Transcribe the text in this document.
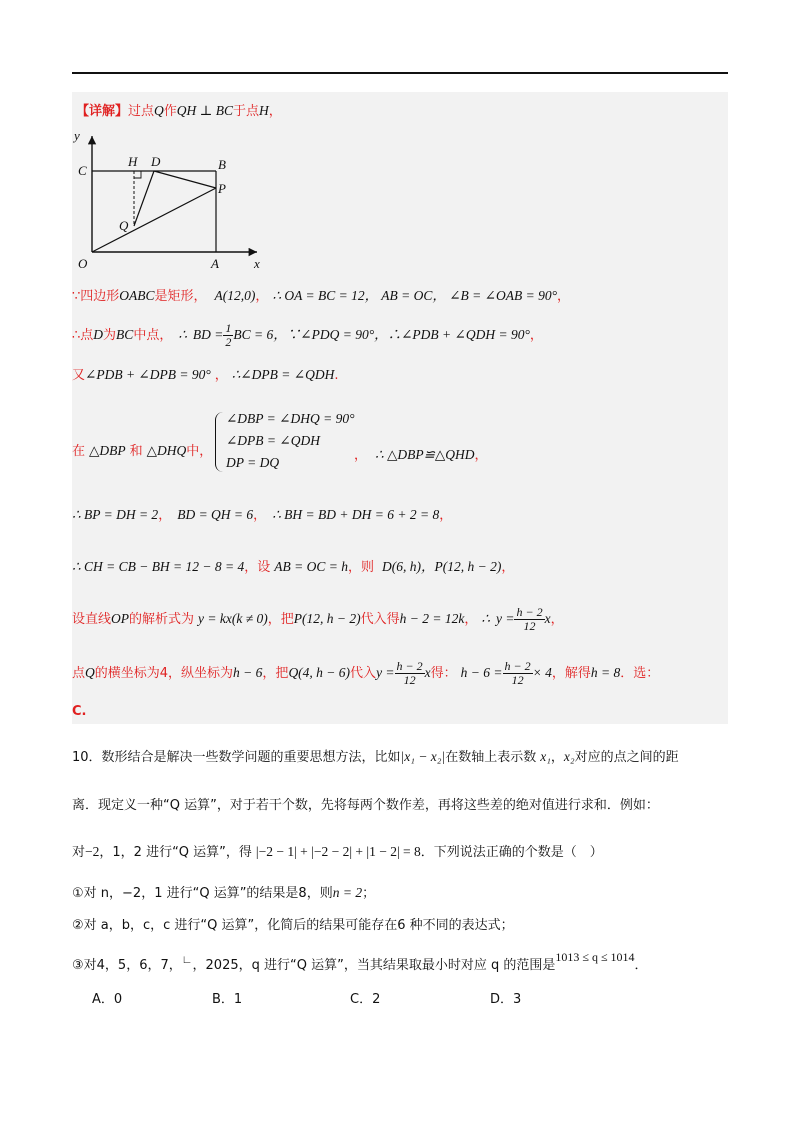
【详解】过点Q作QH ⊥ BC于点H，
y
x
O	A
B
C
D
H
P
Q
∵四边形OABC是矩形， A(12,0)， ∴ OA = BC = 12， AB = OC， ∠B = ∠OAB = 90°，
∴点D为BC中点， ∴ BD = $\frac{1}{2}$ BC = 6，∵∠PDQ = 90°，∴∠PDB + ∠QDH = 90°，
又∠PDB + ∠DPB = 90° ， ∴∠DPB = ∠QDH.
在 △DBP 和 △DHQ中，
∠DBP = ∠DHQ = 90°
∠DPB = ∠QDH
DP = DQ	， ∴ △DBP≌△QHD，
∴ BP = DH = 2， BD = QH = 6， ∴ BH = BD + DH = 6 + 2 = 8，
∴ CH = CB − BH = 12 − 8 = 4，设 AB = OC = h，则 D(6, h)，P(12, h − 2)，
设直线OP的解析式为 y = kx(k ≠ 0)，把P(12, h − 2)代入得h − 2 = 12k， ∴ $y = \frac{h - 2}{12}$ x，
点Q的横坐标为4，纵坐标为h − 6，把Q(4, h − 6)代入$y = \frac{h - 2}{12}$ x得： $h - 6 = \frac{h - 2}{12} \times 4$，解得h = 8．选：
C.
10．数形结合是解决一些数学问题的重要思想方法，比如|x₁ − x₂|在数轴上表示数 x₁，x₂对应的点之间的距
离．现定义一种“Q 运算”，对于若干个数，先将每两个数作差，再将这些差的绝对值进行求和．例如：
对−2，1，2 进行“Q 运算”，得 |−2 − 1| + |−2 − 2| + |1 − 2| = 8．下列说法正确的个数是（　）
①对 n，−2，1 进行“Q 运算”的结果是8，则n = 2；
②对 a，b，c，c 进行“Q 运算”，化简后的结果可能存在6 种不同的表达式；
③对4，5，6，7，∟，2025，q 进行“Q 运算”，当其结果取最小时对应 q 的范围是1013 ≤ q ≤ 1014．
A．0	B．1	C．2	D．3
